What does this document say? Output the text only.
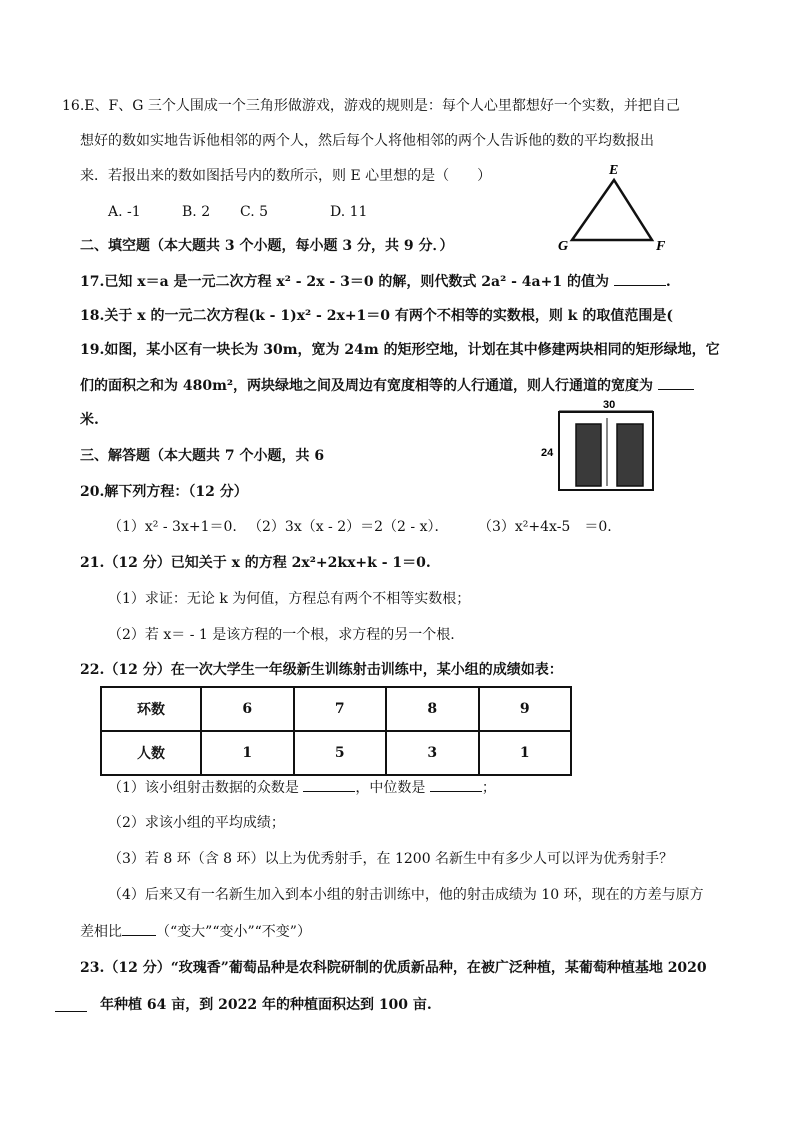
16.E、F、G 三个人围成一个三角形做游戏，游戏的规则是：每个人心里都想好一个实数，并把自己
想好的数如实地告诉他相邻的两个人，然后每个人将他相邻的两个人告诉他的数的平均数报出
来．若报出来的数如图括号内的数所示，则 E 心里想的是（　　）
A. -1	B. 2 C. 5	D. 11
E
G	F
二、填空题（本大题共 3 个小题，每小题 3 分，共 9 分．）
17.已知 x＝a 是一元二次方程 x² - 2x - 3＝0 的解，则代数式 2a² - 4a+1 的值为	.
18.关于 x 的一元二次方程(k - 1)x² - 2x+1＝0 有两个不相等的实数根，则 k 的取值范围是(
19.如图，某小区有一块长为 30m，宽为 24m 的矩形空地，计划在其中修建两块相同的矩形绿地，它
们的面积之和为 480m²，两块绿地之间及周边有宽度相等的人行通道，则人行通道的宽度为
米.
30
24
三、解答题（本大题共 7 个小题，共 6
20.解下列方程：（12 分）
（1）x² - 3x+1＝0. （2）3x（x - 2）＝2（2 - x）． （3）x²+4x-5　＝0.
21.（12 分）已知关于 x 的方程 2x²+2kx+k - 1＝0.
（1）求证：无论 k 为何值，方程总有两个不相等实数根；
（2）若 x＝ - 1 是该方程的一个根，求方程的另一个根.
22.（12 分）在一次大学生一年级新生训练射击训练中，某小组的成绩如表：
环数	6	7	8	9
人数	1	5	3	1
（1）该小组射击数据的众数是	，中位数是	；
（2）求该小组的平均成绩；
（3）若 8 环（含 8 环）以上为优秀射手，在 1200 名新生中有多少人可以评为优秀射手？
（4）后来又有一名新生加入到本小组的射击训练中，他的射击成绩为 10 环，现在的方差与原方
差相比 （“变大”“变小”“不变”）
23.（12 分）“玫瑰香”葡萄品种是农科院研制的优质新品种，在被广泛种植，某葡萄种植基地 2020
年种植 64 亩，到 2022 年的种植面积达到 100 亩.
